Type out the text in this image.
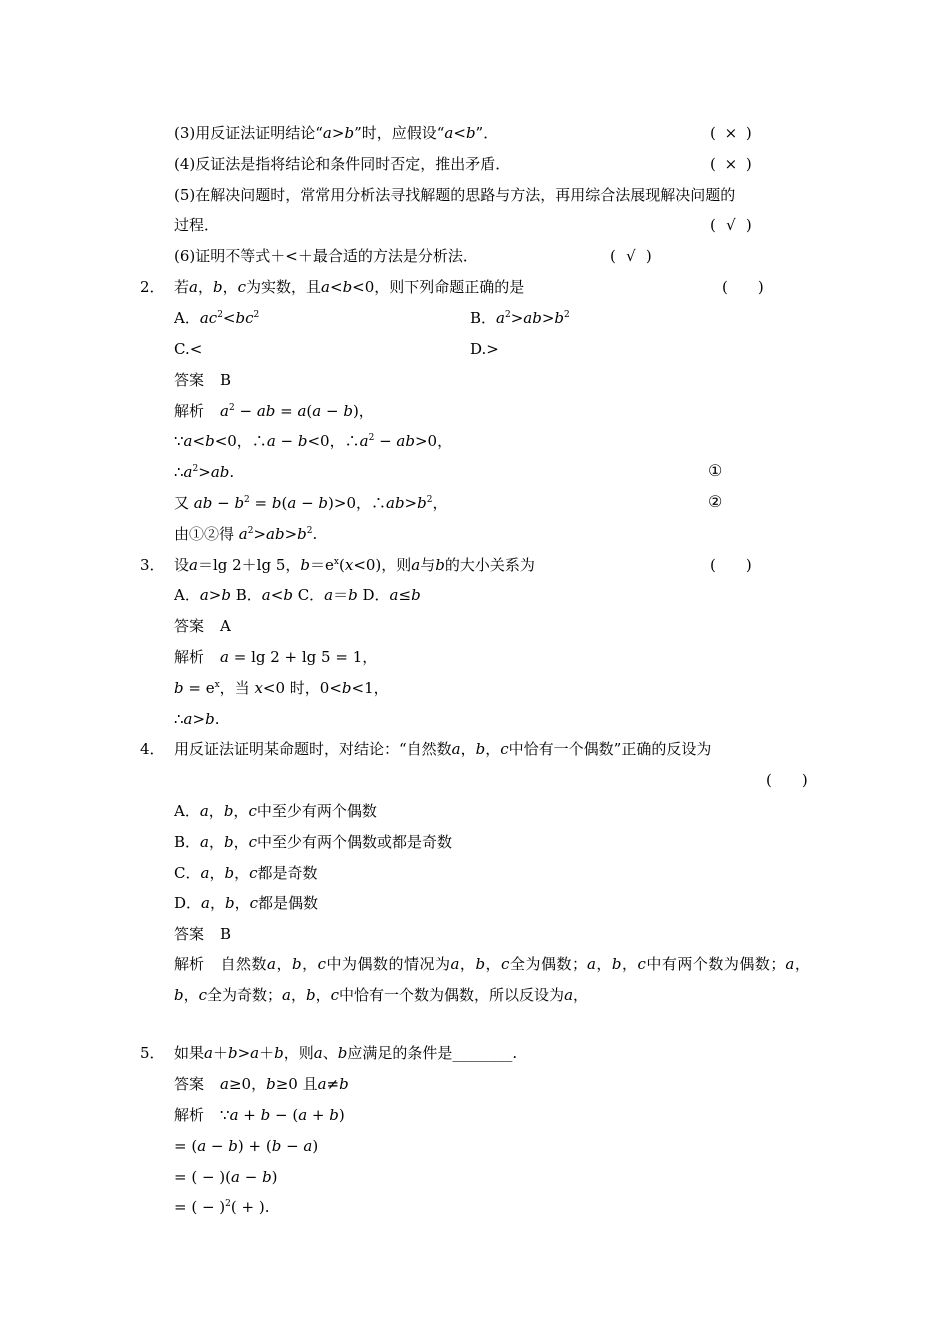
(3)用反证法证明结论“a>b”时，应假设“a<b”．	( × )
(4)反证法是指将结论和条件同时否定，推出矛盾．	( × )
(5)在解决问题时，常常用分析法寻找解题的思路与方法，再用综合法展现解决问题的
过程．	( √ )
(6)证明不等式＋<＋最合适的方法是分析法．	( √ )
2． 若a，b，c为实数，且a<b<0，则下列命题正确的是	( )
A．$ac^2<bc^2$	B．$a^2>ab>b^2$
C.<	D.>
答案 B
解析 $a^2$ − ab = a(a − b)，
∵a<b<0，∴a − b<0，$\therefore a^2 - ab>0$，
$\therefore a^2>ab$.	①
又 ab − $b^2 = b(a - b)>0$，$\therefore ab>b^2$，	②
由①②得 $a^2>ab>b^2$.
3． 设a＝lg 2＋lg 5，$b=e^x(x<0)$，则a与b的大小关系为	( )
A．a>b B．a<b C．a＝b D．a≤b
答案 A
解析 a = lg 2 + lg 5 = 1，
$b = e^x$，当 x<0 时，0<b<1，
∴a>b.
4． 用反证法证明某命题时，对结论：“自然数a，b，c中恰有一个偶数”正确的反设为
( )
A．a，b，c中至少有两个偶数
B．a，b，c中至少有两个偶数或都是奇数
C．a，b，c都是奇数
D．a，b，c都是偶数
答案 B
解析 自然数a，b，c中为偶数的情况为a，b，c全为偶数；a，b，c中有两个数为偶数；a，b，c全为奇数；a，b，c中恰有一个数为偶数，所以反设为a，
5． 如果a＋b>a＋b，则a、b应满足的条件是________.
答案 a≥0，b≥0 且a≠b
解析 ∵a + b − (a + b)
= (a − b) + (b − a)
= ( − )(a − b)
= ( − )$^2$( + ).
